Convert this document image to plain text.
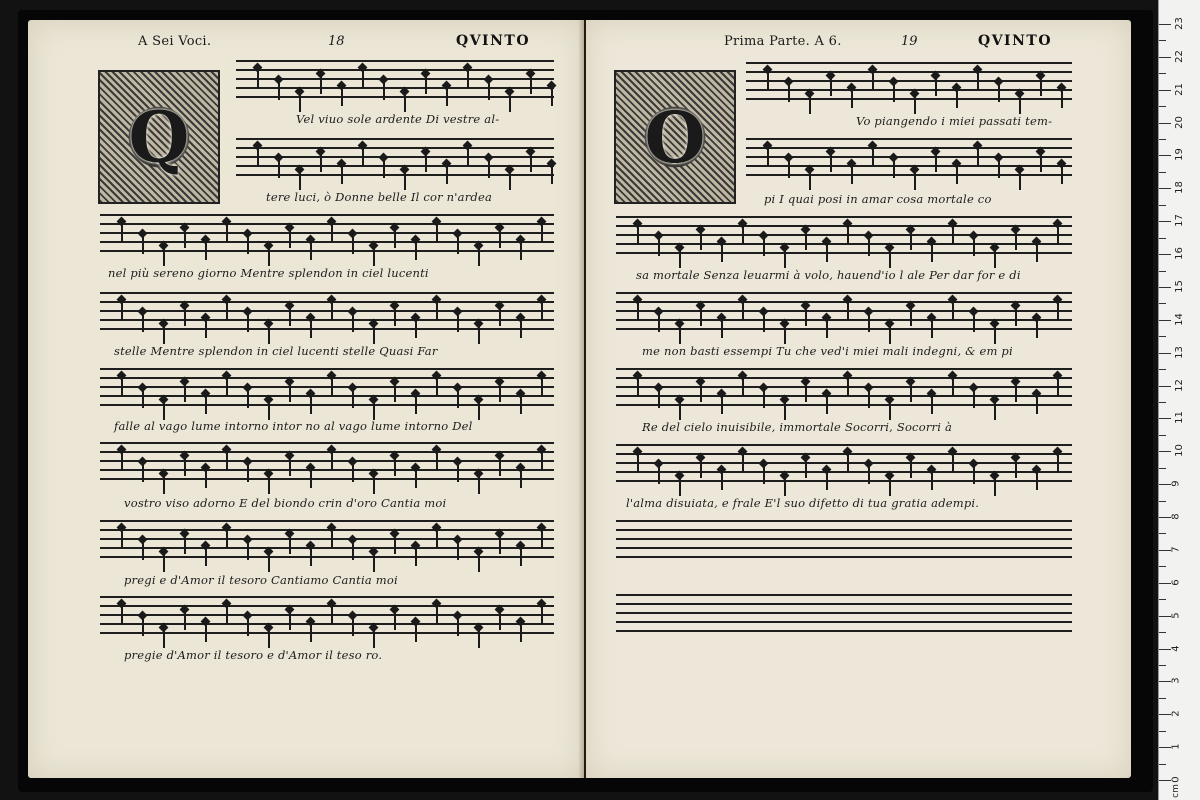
A Sei Voci.	18	QVINTO
Q	Vel viuo sole ardente Di vestre al-
tere luci, ò Donne belle Il cor n'ardea
nel più sereno giorno Mentre splendon in ciel lucenti
stelle Mentre splendon in ciel lucenti stelle Quasi Far
falle al vago lume intorno intor no al vago lume intorno Del
vostro viso adorno E del biondo crin d'oro Cantia moi
pregi e d'Amor il tesoro Cantiamo Cantia moi
pregie d'Amor il tesoro e d'Amor il teso ro.
Prima Parte. A 6.	19	QVINTO
O	Vo piangendo i miei passati tem-
pi I quai posi in amar cosa mortale co
sa mortale Senza leuarmi à volo, hauend'io l ale Per dar for e di
me non basti essempi Tu che ved'i miei mali indegni, & em pi
Re del cielo inuisibile, immortale Socorri, Socorri à
l'alma disuiata, e frale E'l suo difetto di tua gratia adempi.
cm
0
1
2
3
4
5
6
7
8
9
10
11
12
13
14
15
16
17
18
19
20
21
22
23
